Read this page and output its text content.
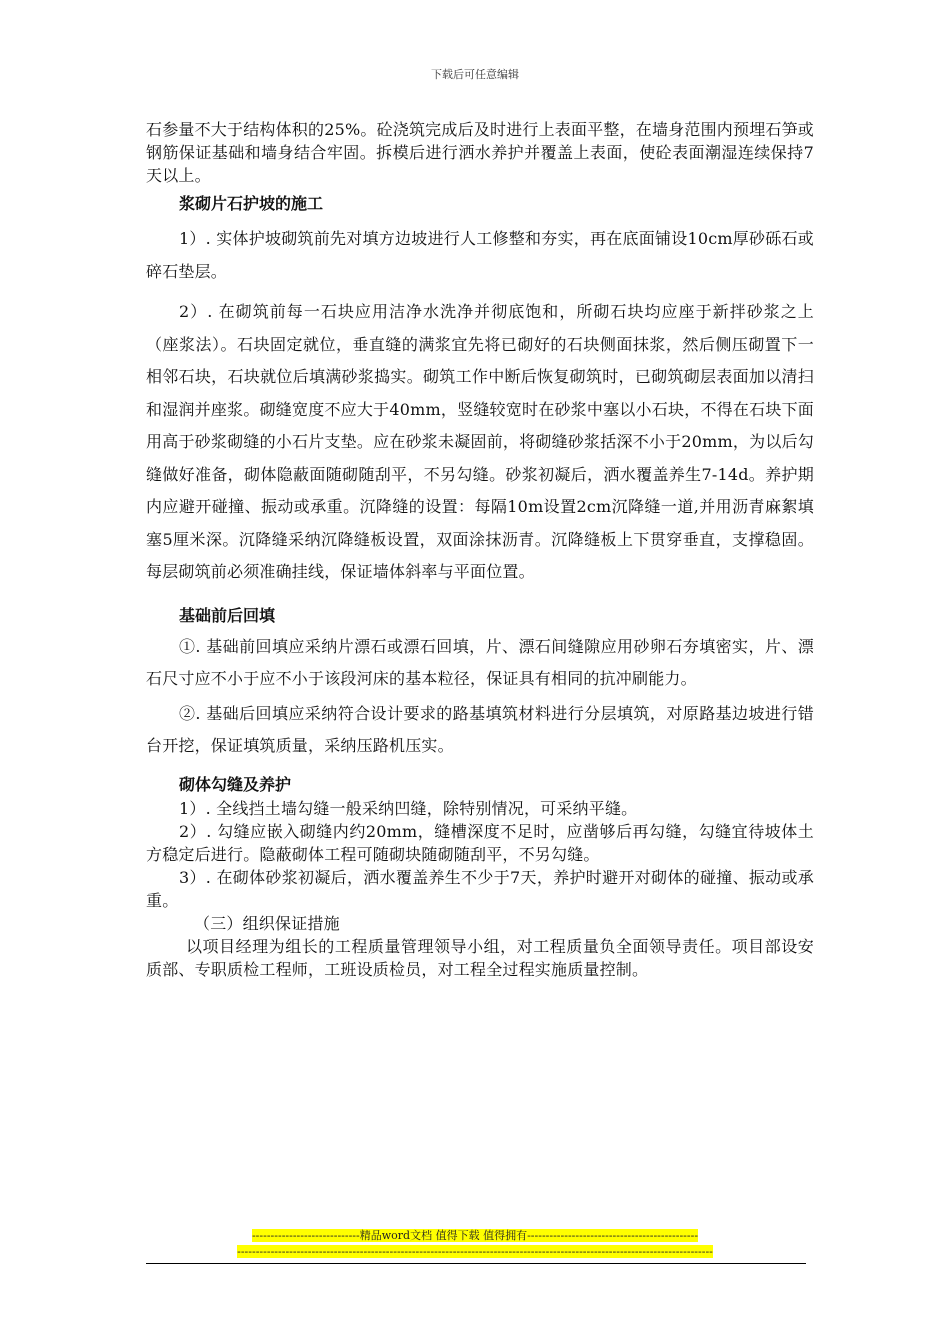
下载后可任意编辑

石参量不大于结构体积的25%。砼浇筑完成后及时进行上表面平整，在墙身范围内预埋石笋或钢筋保证基础和墙身结合牢固。拆模后进行洒水养护并覆盖上表面，使砼表面潮湿连续保持7天以上。

浆砌片石护坡的施工

1）. 实体护坡砌筑前先对填方边坡进行人工修整和夯实，再在底面铺设10cm厚砂砾石或碎石垫层。

2）. 在砌筑前每一石块应用洁净水洗净并彻底饱和，所砌石块均应座于新拌砂浆之上（座浆法）。石块固定就位，垂直缝的满浆宜先将已砌好的石块侧面抹浆，然后侧压砌置下一相邻石块，石块就位后填满砂浆捣实。砌筑工作中断后恢复砌筑时，已砌筑砌层表面加以清扫和湿润并座浆。砌缝宽度不应大于40mm，竖缝较宽时在砂浆中塞以小石块，不得在石块下面用高于砂浆砌缝的小石片支垫。应在砂浆未凝固前，将砌缝砂浆括深不小于20mm，为以后勾缝做好准备，砌体隐蔽面随砌随刮平，不另勾缝。砂浆初凝后，洒水覆盖养生7-14d。养护期内应避开碰撞、振动或承重。沉降缝的设置：每隔10m设置2cm沉降缝一道,并用沥青麻絮填塞5厘米深。沉降缝采纳沉降缝板设置，双面涂抹沥青。沉降缝板上下贯穿垂直，支撑稳固。每层砌筑前必须准确挂线，保证墙体斜率与平面位置。

基础前后回填

①. 基础前回填应采纳片漂石或漂石回填，片、漂石间缝隙应用砂卵石夯填密实，片、漂石尺寸应不小于应不小于该段河床的基本粒径，保证具有相同的抗冲刷能力。

②. 基础后回填应采纳符合设计要求的路基填筑材料进行分层填筑，对原路基边坡进行错台开挖，保证填筑质量，采纳压路机压实。

砌体勾缝及养护

1）. 全线挡土墙勾缝一般采纳凹缝，除特别情况，可采纳平缝。

2）. 勾缝应嵌入砌缝内约20mm，缝槽深度不足时，应凿够后再勾缝，勾缝宜待坡体土方稳定后进行。隐蔽砌体工程可随砌块随砌随刮平，不另勾缝。

3）. 在砌体砂浆初凝后，洒水覆盖养生不少于7天，养护时避开对砌体的碰撞、振动或承重。

（三）组织保证措施

以项目经理为组长的工程质量管理领导小组，对工程质量负全面领导责任。项目部设安质部、专职质检工程师，工班设质检员，对工程全过程实施质量控制。

-----------------------------精品word文档 值得下载 值得拥有----------------------------------------------
--------------------------------------------------------------------------------------------------------------------------------
